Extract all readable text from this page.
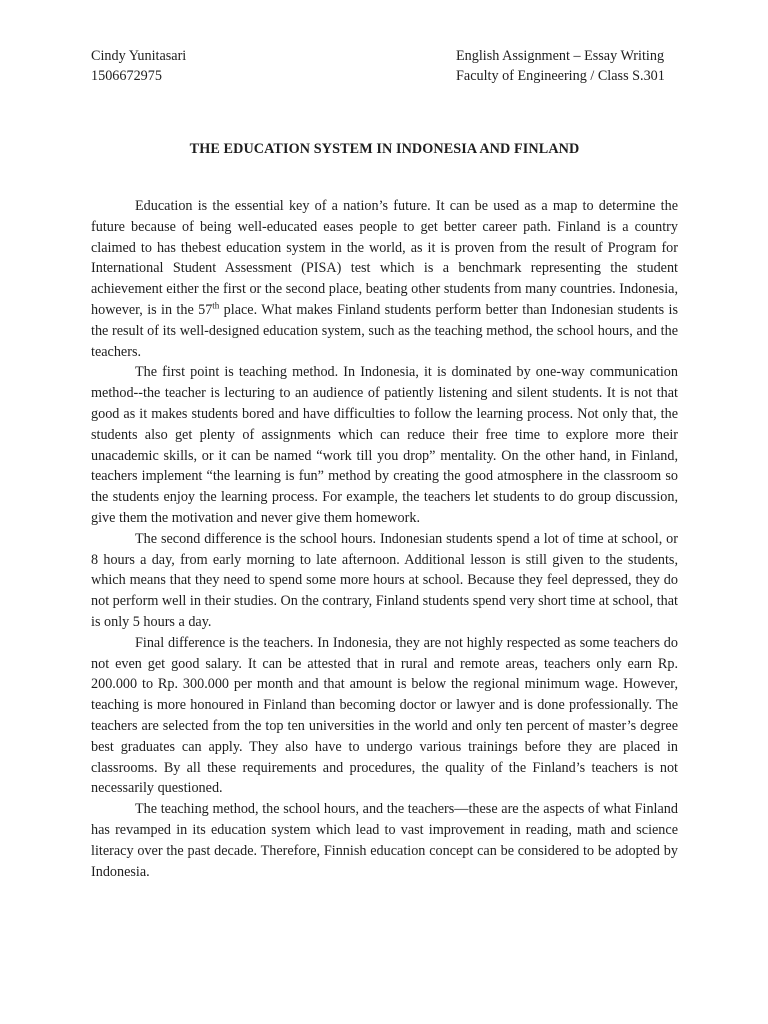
Cindy Yunitasari
1506672975
English Assignment – Essay Writing
Faculty of Engineering / Class S.301
THE EDUCATION SYSTEM IN INDONESIA AND FINLAND

Education is the essential key of a nation’s future. It can be used as a map to determine the future because of being well-educated eases people to get better career path. Finland is a country claimed to has thebest education system in the world, as it is proven from the result of Program for International Student Assessment (PISA) test which is a benchmark representing the student achievement either the first or the second place, beating other students from many countries. Indonesia, however, is in the 57th place. What makes Finland students perform better than Indonesian students is the result of its well-designed education system, such as the teaching method, the school hours, and the teachers.

The first point is teaching method. In Indonesia, it is dominated by one-way communication method--the teacher is lecturing to an audience of patiently listening and silent students. It is not that good as it makes students bored and have difficulties to follow the learning process. Not only that, the students also get plenty of assignments which can reduce their free time to explore more their unacademic skills, or it can be named “work till you drop” mentality. On the other hand, in Finland, teachers implement “the learning is fun” method by creating the good atmosphere in the classroom so the students enjoy the learning process. For example, the teachers let students to do group discussion, give them the motivation and never give them homework.

The second difference is the school hours. Indonesian students spend a lot of time at school, or 8 hours a day, from early morning to late afternoon. Additional lesson is still given to the students, which means that they need to spend some more hours at school. Because they feel depressed, they do not perform well in their studies. On the contrary, Finland students spend very short time at school, that is only 5 hours a day.

Final difference is the teachers. In Indonesia, they are not highly respected as some teachers do not even get good salary. It can be attested that in rural and remote areas, teachers only earn Rp. 200.000 to Rp. 300.000 per month and that amount is below the regional minimum wage. However, teaching is more honoured in Finland than becoming doctor or lawyer and is done professionally. The teachers are selected from the top ten universities in the world and only ten percent of master’s degree best graduates can apply. They also have to undergo various trainings before they are placed in classrooms. By all these requirements and procedures, the quality of the Finland’s teachers is not necessarily questioned.

The teaching method, the school hours, and the teachers—these are the aspects of what Finland has revamped in its education system which lead to vast improvement in reading, math and science literacy over the past decade. Therefore, Finnish education concept can be considered to be adopted by Indonesia.
